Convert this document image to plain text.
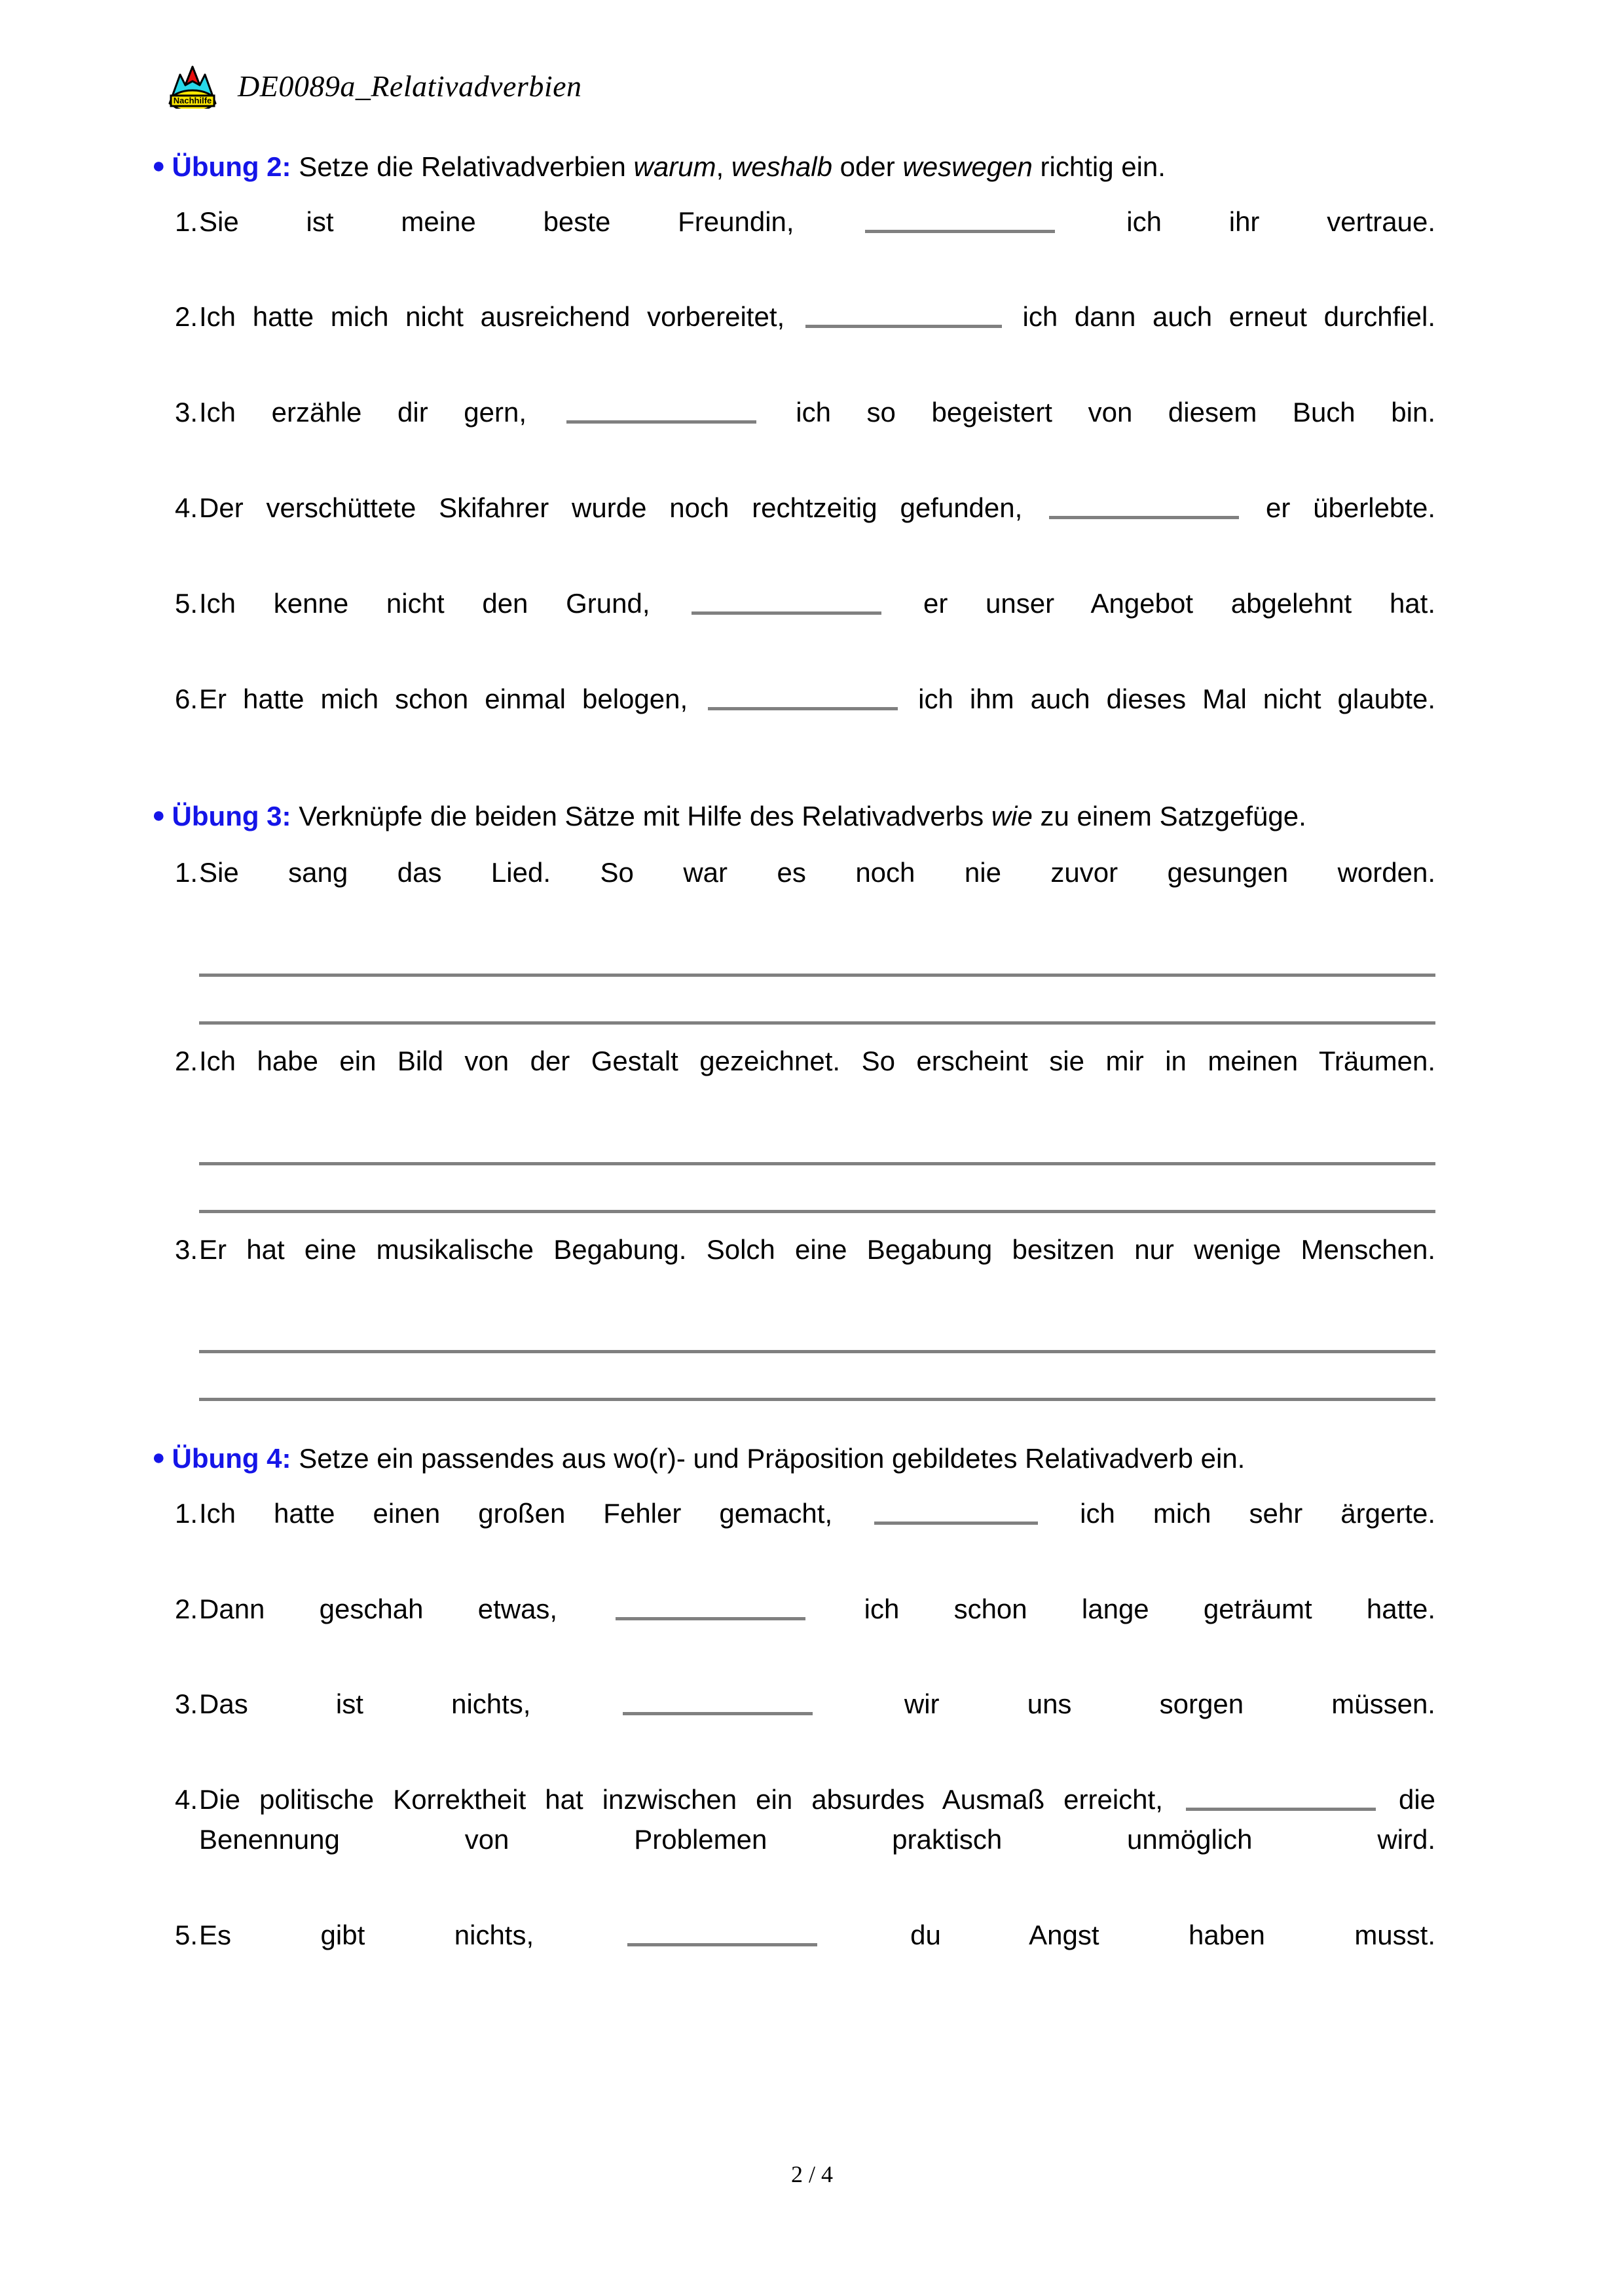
Nachhilfe DE0089a_Relativadverbien
● Übung 2: Setze die Relativadverbien warum, weshalb oder weswegen richtig ein.
1. Sie ist meine beste Freundin,	ich ihr vertraue.
2. Ich hatte mich nicht ausreichend vorbereitet,	ich dann auch erneut durchfiel.
3. Ich erzähle dir gern,	ich so begeistert von diesem Buch bin.
4. Der verschüttete Skifahrer wurde noch rechtzeitig gefunden,	er überlebte.
5. Ich kenne nicht den Grund,	er unser Angebot abgelehnt hat.
6. Er hatte mich schon einmal belogen,	ich ihm auch dieses Mal nicht glaubte.
● Übung 3: Verknüpfe die beiden Sätze mit Hilfe des Relativadverbs wie zu einem Satzgefüge.
1. Sie sang das Lied. So war es noch nie zuvor gesungen worden.
2. Ich habe ein Bild von der Gestalt gezeichnet. So erscheint sie mir in meinen Träumen.
3. Er hat eine musikalische Begabung. Solch eine Begabung besitzen nur wenige Menschen.
● Übung 4: Setze ein passendes aus wo(r)- und Präposition gebildetes Relativadverb ein.
1. Ich hatte einen großen Fehler gemacht,	ich mich sehr ärgerte.
2. Dann geschah etwas,	ich schon lange geträumt hatte.
3. Das ist nichts,	wir uns sorgen müssen.
4. Die politische Korrektheit hat inzwischen ein absurdes Ausmaß erreicht,	die Benennung von Problemen praktisch unmöglich wird.
5. Es gibt nichts,	du Angst haben musst.
2 / 4
